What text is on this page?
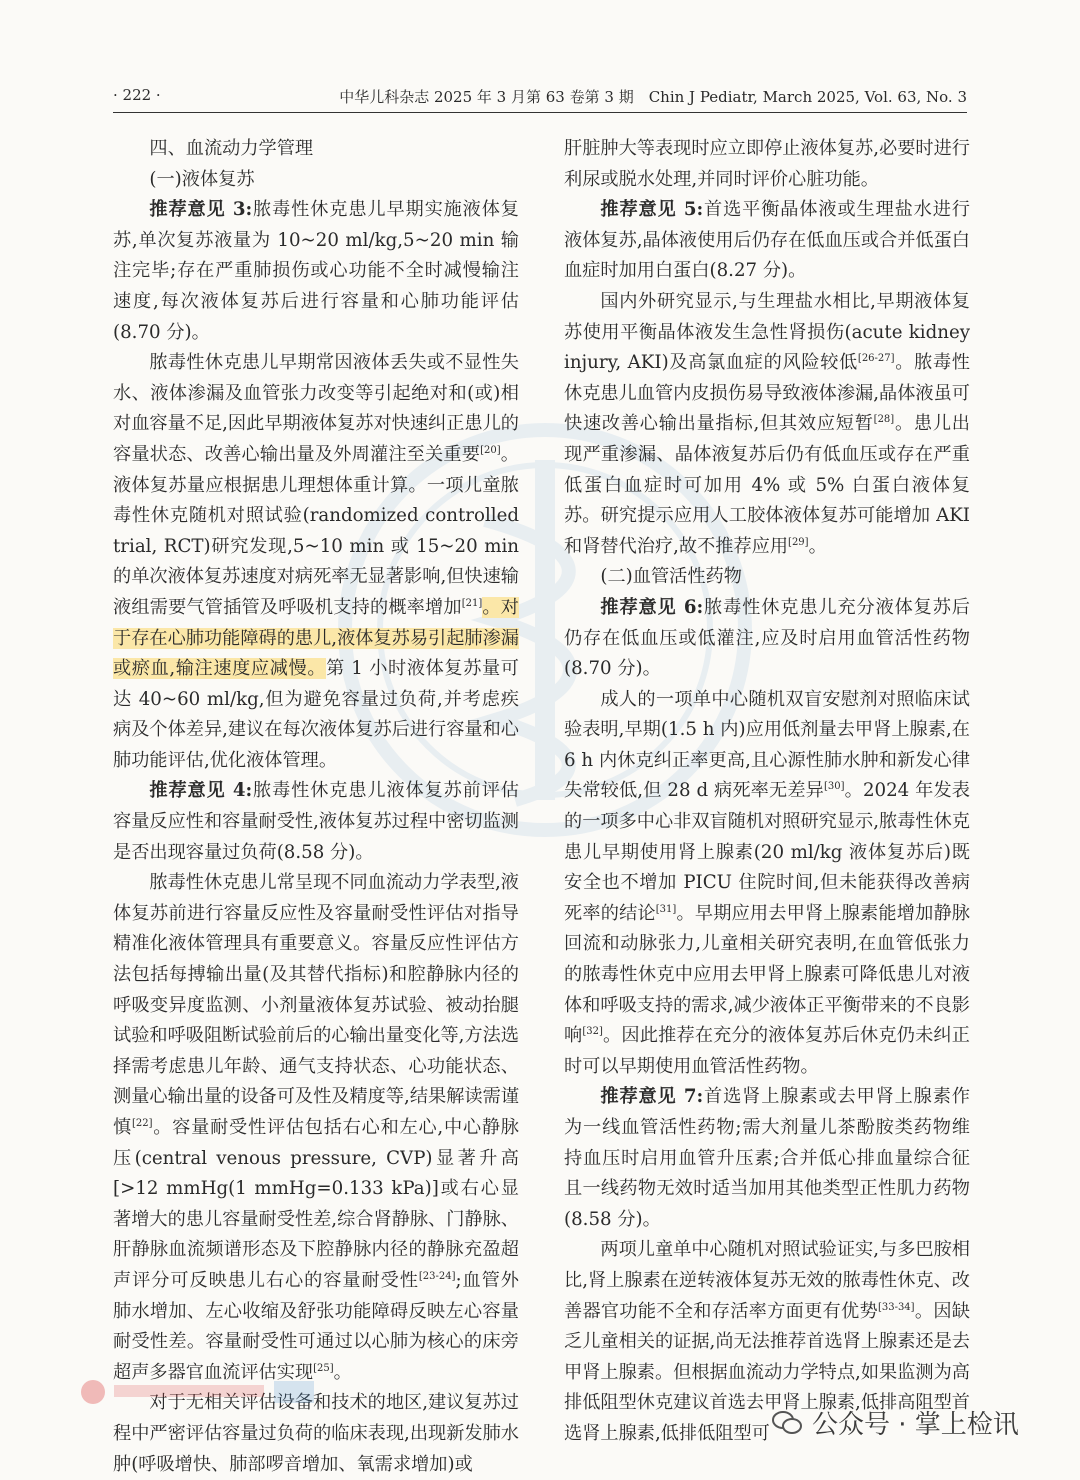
· 222 ·	中华儿科杂志 2025 年 3 月第 63 卷第 3 期　Chin J Pediatr, March 2025, Vol. 63, No. 3

四、血流动力学管理

(一)液体复苏

推荐意见 3:脓毒性休克患儿早期实施液体复苏,单次复苏液量为 10~20 ml/kg,5~20 min 输注完毕;存在严重肺损伤或心功能不全时减慢输注速度,每次液体复苏后进行容量和心肺功能评估(8.70 分)。

脓毒性休克患儿早期常因液体丢失或不显性失水、液体渗漏及血管张力改变等引起绝对和(或)相对血容量不足,因此早期液体复苏对快速纠正患儿的容量状态、改善心输出量及外周灌注至关重要[20]。液体复苏量应根据患儿理想体重计算。一项儿童脓毒性休克随机对照试验(randomized controlled trial, RCT)研究发现,5~10 min 或 15~20 min 的单次液体复苏速度对病死率无显著影响,但快速输液组需要气管插管及呼吸机支持的概率增加[21]。对于存在心肺功能障碍的患儿,液体复苏易引起肺渗漏或瘀血,输注速度应减慢。第 1 小时液体复苏量可达 40~60 ml/kg,但为避免容量过负荷,并考虑疾病及个体差异,建议在每次液体复苏后进行容量和心肺功能评估,优化液体管理。

推荐意见 4:脓毒性休克患儿液体复苏前评估容量反应性和容量耐受性,液体复苏过程中密切监测是否出现容量过负荷(8.58 分)。

脓毒性休克患儿常呈现不同血流动力学表型,液体复苏前进行容量反应性及容量耐受性评估对指导精准化液体管理具有重要意义。容量反应性评估方法包括每搏输出量(及其替代指标)和腔静脉内径的呼吸变异度监测、小剂量液体复苏试验、被动抬腿试验和呼吸阻断试验前后的心输出量变化等,方法选择需考虑患儿年龄、通气支持状态、心功能状态、测量心输出量的设备可及性及精度等,结果解读需谨慎[22]。容量耐受性评估包括右心和左心,中心静脉压(central venous pressure, CVP)显著升高[>12 mmHg(1 mmHg=0.133 kPa)]或右心显著增大的患儿容量耐受性差,综合肾静脉、门静脉、肝静脉血流频谱形态及下腔静脉内径的静脉充盈超声评分可反映患儿右心的容量耐受性[23-24];血管外肺水增加、左心收缩及舒张功能障碍反映左心容量耐受性差。容量耐受性可通过以心肺为核心的床旁超声多器官血流评估实现[25]。

对于无相关评估设备和技术的地区,建议复苏过程中严密评估容量过负荷的临床表现,出现新发肺水肿(呼吸增快、肺部啰音增加、氧需求增加)或

肝脏肿大等表现时应立即停止液体复苏,必要时进行利尿或脱水处理,并同时评价心脏功能。

推荐意见 5:首选平衡晶体液或生理盐水进行液体复苏,晶体液使用后仍存在低血压或合并低蛋白血症时加用白蛋白(8.27 分)。

国内外研究显示,与生理盐水相比,早期液体复苏使用平衡晶体液发生急性肾损伤(acute kidney injury, AKI)及高氯血症的风险较低[26-27]。脓毒性休克患儿血管内皮损伤易导致液体渗漏,晶体液虽可快速改善心输出量指标,但其效应短暂[28]。患儿出现严重渗漏、晶体液复苏后仍有低血压或存在严重低蛋白血症时可加用 4% 或 5% 白蛋白液体复苏。研究提示应用人工胶体液体复苏可能增加 AKI 和肾替代治疗,故不推荐应用[29]。

(二)血管活性药物

推荐意见 6:脓毒性休克患儿充分液体复苏后仍存在低血压或低灌注,应及时启用血管活性药物(8.70 分)。

成人的一项单中心随机双盲安慰剂对照临床试验表明,早期(1.5 h 内)应用低剂量去甲肾上腺素,在 6 h 内休克纠正率更高,且心源性肺水肿和新发心律失常较低,但 28 d 病死率无差异[30]。2024 年发表的一项多中心非双盲随机对照研究显示,脓毒性休克患儿早期使用肾上腺素(20 ml/kg 液体复苏后)既安全也不增加 PICU 住院时间,但未能获得改善病死率的结论[31]。早期应用去甲肾上腺素能增加静脉回流和动脉张力,儿童相关研究表明,在血管低张力的脓毒性休克中应用去甲肾上腺素可降低患儿对液体和呼吸支持的需求,减少液体正平衡带来的不良影响[32]。因此推荐在充分的液体复苏后休克仍未纠正时可以早期使用血管活性药物。

推荐意见 7:首选肾上腺素或去甲肾上腺素作为一线血管活性药物;需大剂量儿茶酚胺类药物维持血压时启用血管升压素;合并低心排血量综合征且一线药物无效时适当加用其他类型正性肌力药物(8.58 分)。

两项儿童单中心随机对照试验证实,与多巴胺相比,肾上腺素在逆转液体复苏无效的脓毒性休克、改善器官功能不全和存活率方面更有优势[33-34]。因缺乏儿童相关的证据,尚无法推荐首选肾上腺素还是去甲肾上腺素。但根据血流动力学特点,如果监测为高排低阻型休克建议首选去甲肾上腺素,低排高阻型首选肾上腺素,低排低阻型可	公众号 · 掌上检讯
